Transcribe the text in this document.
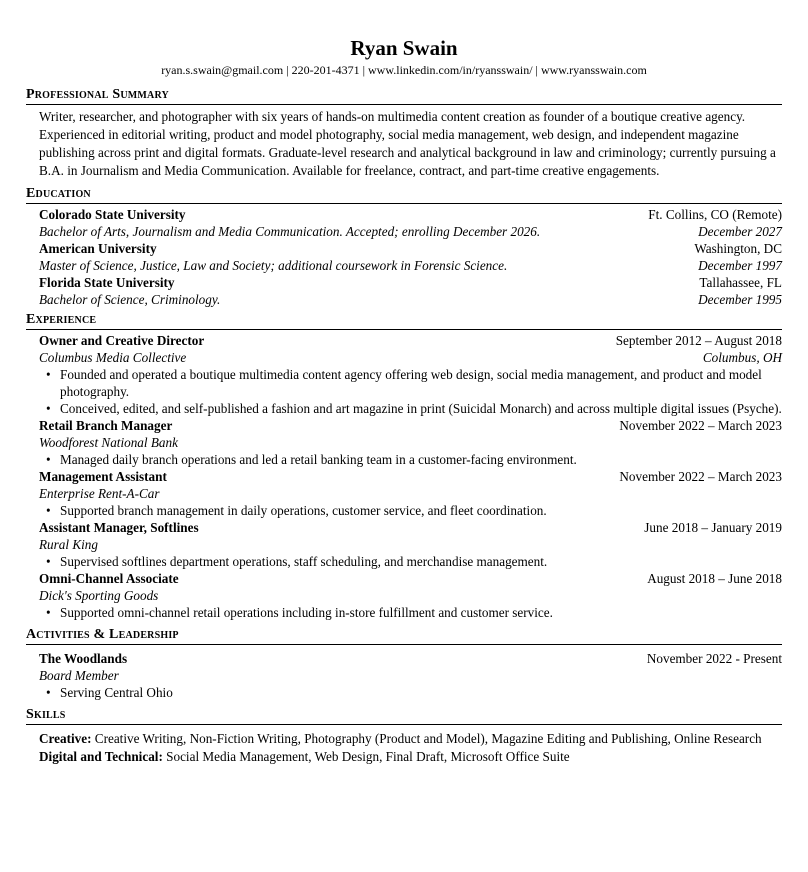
Ryan Swain
ryan.s.swain@gmail.com | 220-201-4371 | www.linkedin.com/in/ryansswain/ | www.ryansswain.com
Professional Summary
Writer, researcher, and photographer with six years of hands-on multimedia content creation as founder of a boutique creative agency. Experienced in editorial writing, product and model photography, social media management, web design, and independent magazine publishing across print and digital formats. Graduate-level research and analytical background in law and criminology; currently pursuing a B.A. in Journalism and Media Communication. Available for freelance, contract, and part-time creative engagements.
Education
Colorado State University	Ft. Collins, CO (Remote)
Bachelor of Arts, Journalism and Media Communication. Accepted; enrolling December 2026.	December 2027
American University	Washington, DC
Master of Science, Justice, Law and Society; additional coursework in Forensic Science.	December 1997
Florida State University	Tallahassee, FL
Bachelor of Science, Criminology.	December 1995
Experience
Owner and Creative Director	September 2012 – August 2018
Columbus Media Collective	Columbus, OH
• Founded and operated a boutique multimedia content agency offering web design, social media management, and product and model photography.
• Conceived, edited, and self-published a fashion and art magazine in print (Suicidal Monarch) and across multiple digital issues (Psyche).
Retail Branch Manager	November 2022 – March 2023
Woodforest National Bank
• Managed daily branch operations and led a retail banking team in a customer-facing environment.
Management Assistant	November 2022 – March 2023
Enterprise Rent-A-Car
• Supported branch management in daily operations, customer service, and fleet coordination.
Assistant Manager, Softlines	June 2018 – January 2019
Rural King
• Supervised softlines department operations, staff scheduling, and merchandise management.
Omni-Channel Associate	August 2018 – June 2018
Dick's Sporting Goods
• Supported omni-channel retail operations including in-store fulfillment and customer service.
Activities & Leadership
The Woodlands	November 2022 - Present
Board Member
• Serving Central Ohio
Skills
Creative: Creative Writing, Non-Fiction Writing, Photography (Product and Model), Magazine Editing and Publishing, Online Research
Digital and Technical: Social Media Management, Web Design, Final Draft, Microsoft Office Suite
